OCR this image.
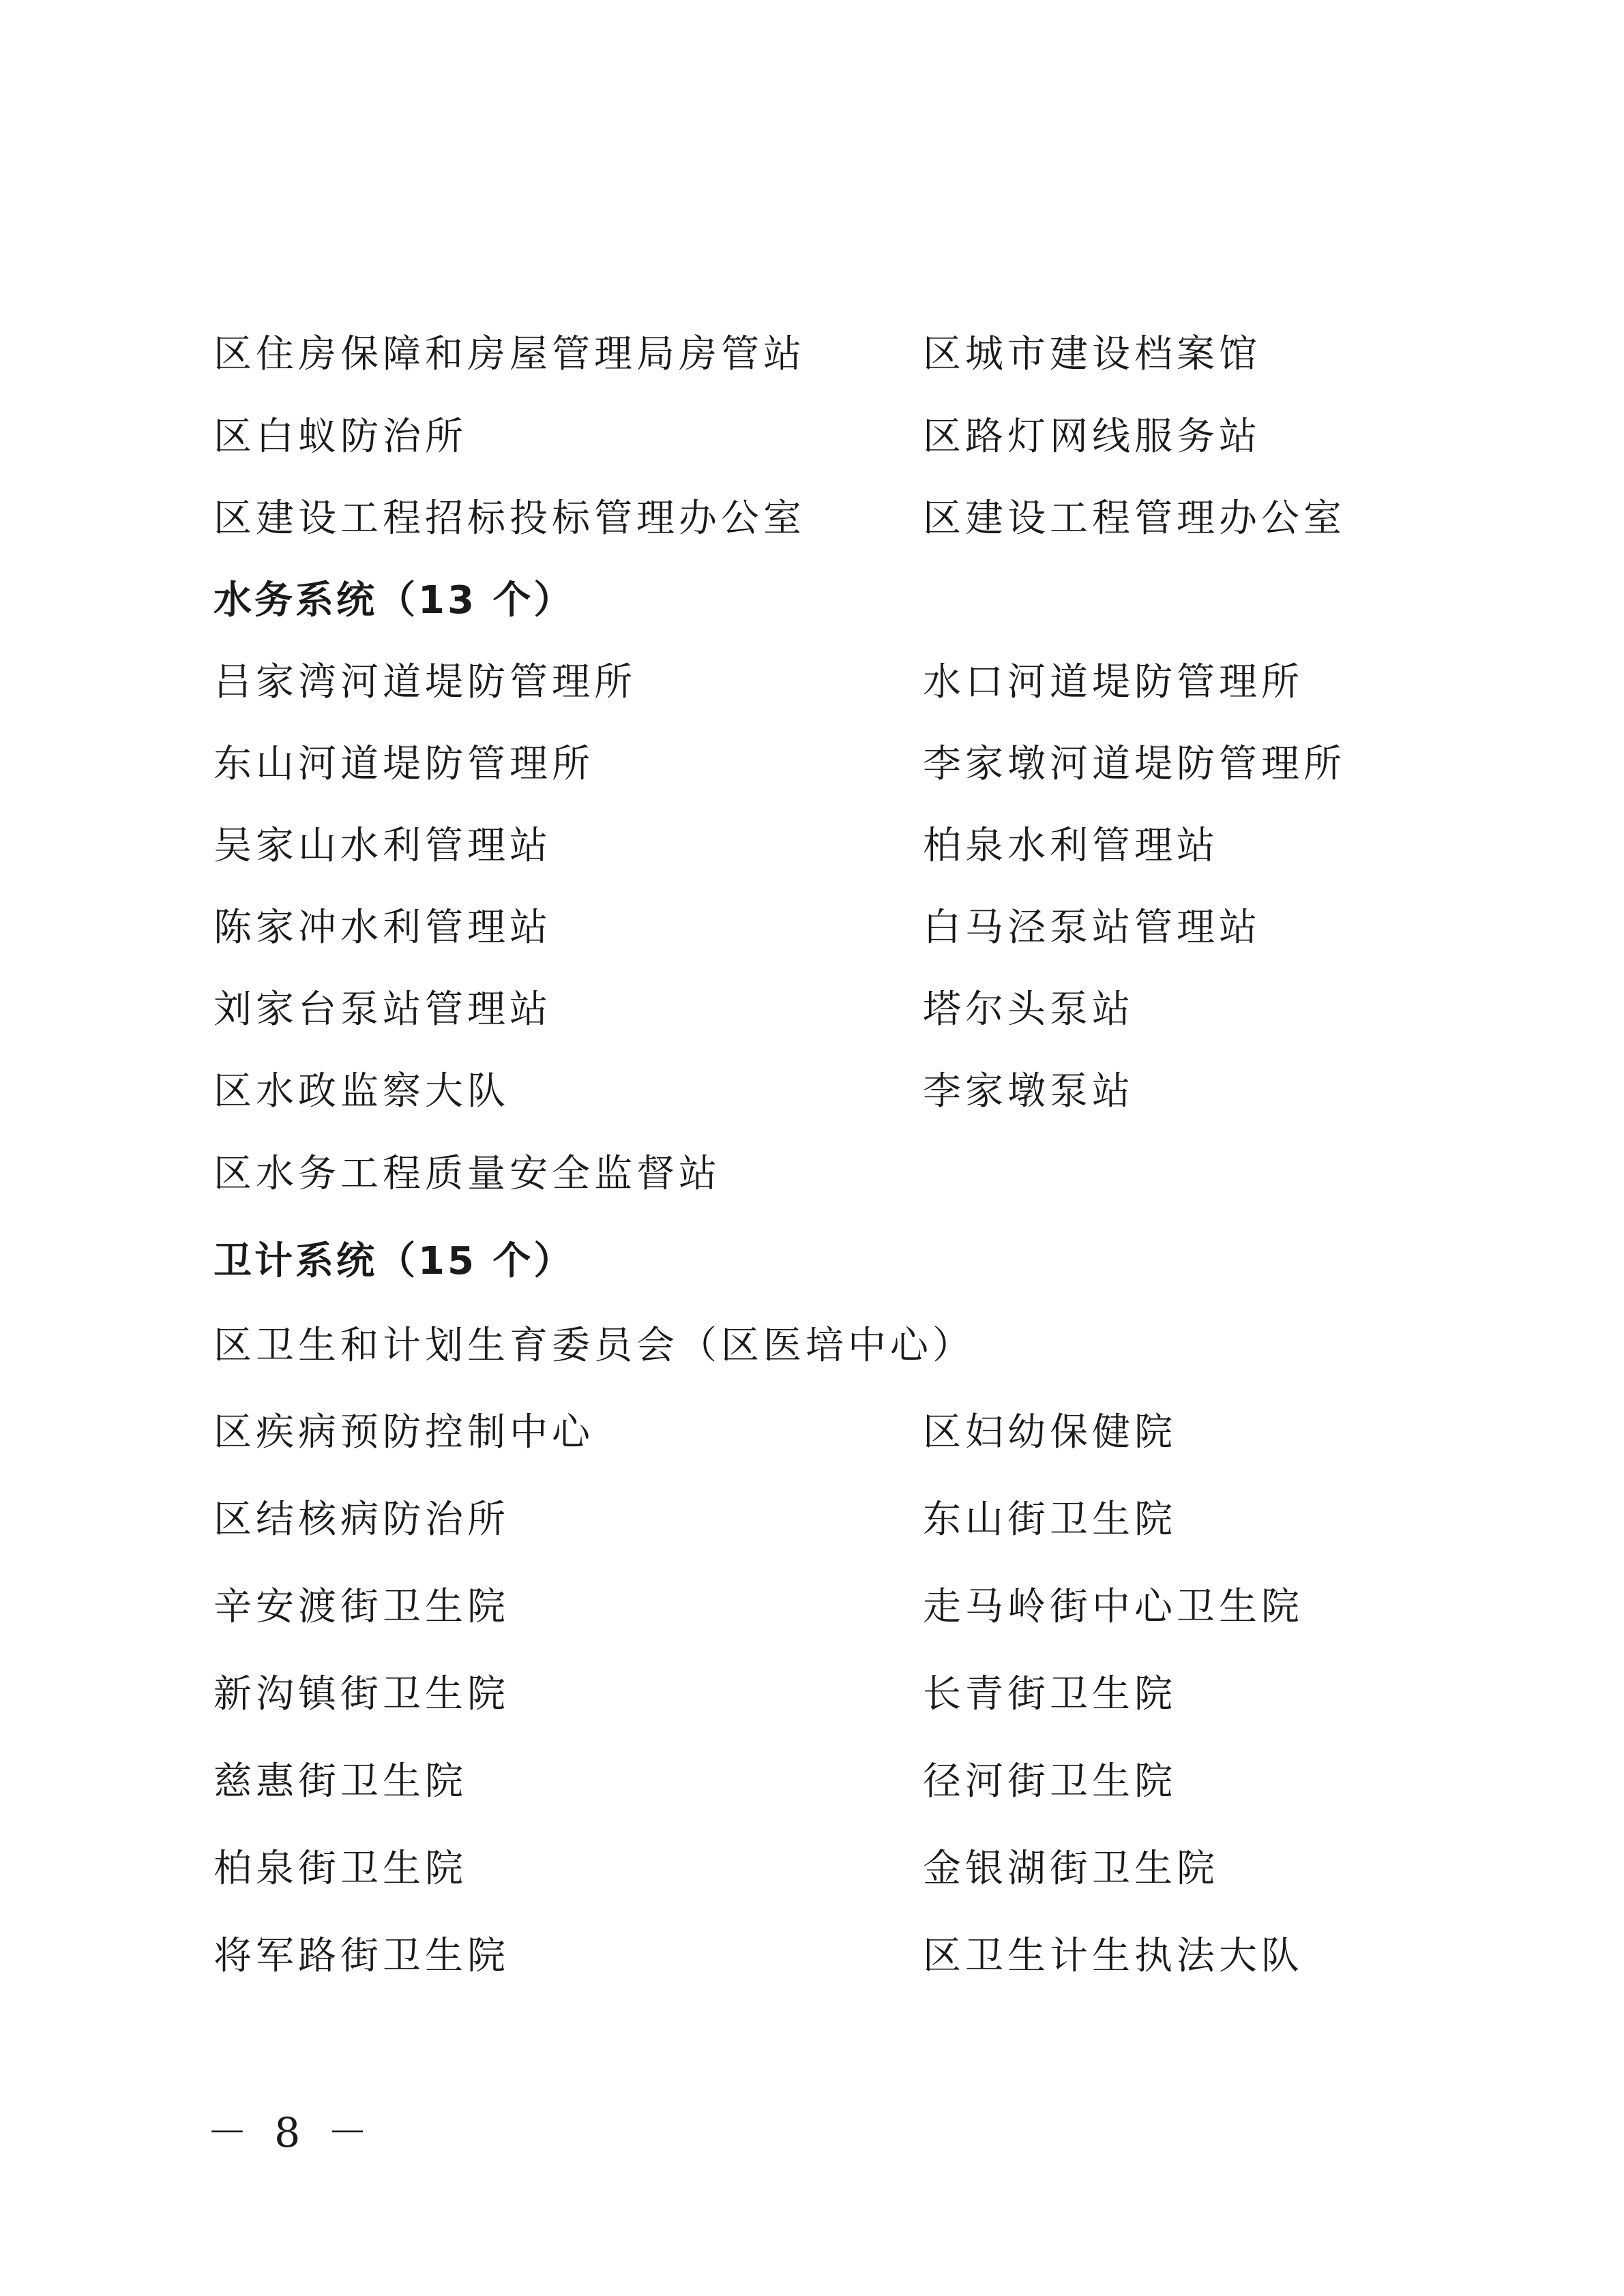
区住房保障和房屋管理局房管站	区城市建设档案馆
区白蚁防治所	区路灯网线服务站
区建设工程招标投标管理办公室	区建设工程管理办公室
水务系统（13 个）
吕家湾河道堤防管理所	水口河道堤防管理所
东山河道堤防管理所	李家墩河道堤防管理所
吴家山水利管理站	柏泉水利管理站
陈家冲水利管理站	白马泾泵站管理站
刘家台泵站管理站	塔尔头泵站
区水政监察大队	李家墩泵站
区水务工程质量安全监督站
卫计系统（15 个）
区卫生和计划生育委员会（区医培中心）
区疾病预防控制中心	区妇幼保健院
区结核病防治所	东山街卫生院
辛安渡街卫生院	走马岭街中心卫生院
新沟镇街卫生院	长青街卫生院
慈惠街卫生院	径河街卫生院
柏泉街卫生院	金银湖街卫生院
将军路街卫生院	区卫生计生执法大队
－ 8 －
